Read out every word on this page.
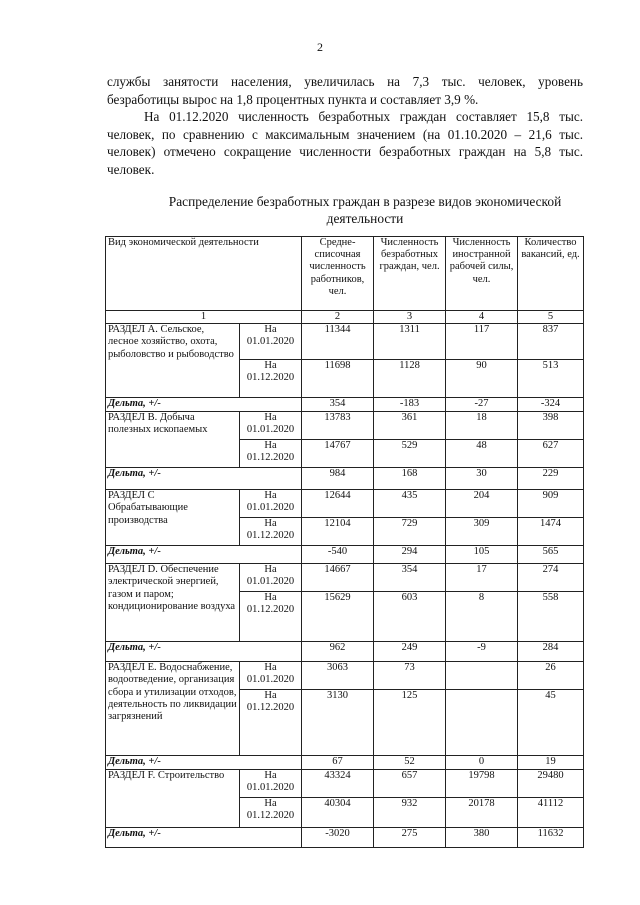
2

службы занятости населения, увеличилась на 7,3 тыс. человек, уровень безработицы вырос на 1,8 процентных пункта и составляет 3,9 %.

На 01.12.2020 численность безработных граждан составляет 15,8 тыс. человек, по сравнению с максимальным значением (на 01.10.2020 – 21,6 тыс. человек) отмечено сокращение численности безработных граждан на 5,8 тыс. человек.

Распределение безработных граждан в разрезе видов экономической деятельности
Вид экономической деятельности		Средне-списочная численность работников, чел.	Численность безработных граждан, чел.	Численность иностранной рабочей силы, чел.	Количество вакансий, ед.
1		2	3	4	5
РАЗДЕЛ А. Сельское, лесное хозяйство, охота, рыболовство и рыбоводство	На 01.01.2020	11344	1311	117	837
	На 01.12.2020	11698	1128	90	513
Дельта, +/-		354	-183	-27	-324
РАЗДЕЛ В. Добыча полезных ископаемых	На 01.01.2020	13783	361	18	398
	На 01.12.2020	14767	529	48	627
Дельта, +/-		984	168	30	229
РАЗДЕЛ С Обрабатывающие производства	На 01.01.2020	12644	435	204	909
	На 01.12.2020	12104	729	309	1474
Дельта, +/-		-540	294	105	565
РАЗДЕЛ D. Обеспечение электрической энергией, газом и паром; кондиционирование воздуха	На 01.01.2020	14667	354	17	274
	На 01.12.2020	15629	603	8	558
Дельта, +/-		962	249	-9	284
РАЗДЕЛ Е. Водоснабжение, водоотведение, организация сбора и утилизации отходов, деятельность по ликвидации загрязнений	На 01.01.2020	3063	73		26
	На 01.12.2020	3130	125		45
Дельта, +/-		67	52	0	19
РАЗДЕЛ F. Строительство	На 01.01.2020	43324	657	19798	29480
	На 01.12.2020	40304	932	20178	41112
Дельта, +/-		-3020	275	380	11632
